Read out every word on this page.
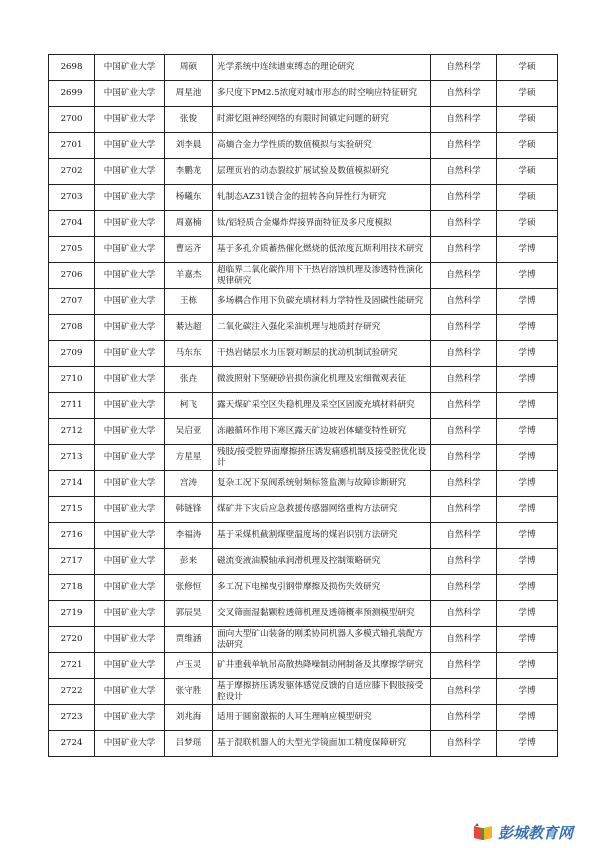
2698	中国矿业大学	周硕	光学系统中连续谱束缚态的理论研究	自然科学	学硕
2699	中国矿业大学	周星池	多尺度下PM2.5浓度对城市形态的时空响应特征研究	自然科学	学硕
2700	中国矿业大学	张俊	时滞忆阻神经网络的有限时间镇定问题的研究	自然科学	学硕
2701	中国矿业大学	刘李晨	高熵合金力学性质的数值模拟与实验研究	自然科学	学硕
2702	中国矿业大学	李鹏龙	层理页岩的动态裂纹扩展试验及数值模拟研究	自然科学	学硕
2703	中国矿业大学	杨曦东	轧制态AZ31镁合金的扭转各向异性行为研究	自然科学	学硕
2704	中国矿业大学	周嘉楠	钛/铝轻质合金爆炸焊接界面特征及多尺度模拟	自然科学	学硕
2705	中国矿业大学	曹运齐	基于多孔介质蓄热催化燃烧的低浓度瓦斯利用技术研究	自然科学	学博
2706	中国矿业大学	羊嘉杰	超临界二氧化碳作用下干热岩溶蚀机理及渗透特性演化规律研究	自然科学	学博
2707	中国矿业大学	王栋	多场耦合作用下负碳充填材料力学特性及固碳性能研究	自然科学	学博
2708	中国矿业大学	綦达超	二氧化碳注入强化采油机理与地质封存研究	自然科学	学博
2709	中国矿业大学	马东东	干热岩储层水力压裂对断层的扰动机制试验研究	自然科学	学博
2710	中国矿业大学	张垚	微波照射下坚硬砂岩损伤演化机理及宏细微观表征	自然科学	学博
2711	中国矿业大学	柯飞	露天煤矿采空区失稳机理及采空区固废充填材料研究	自然科学	学博
2712	中国矿业大学	吴启亚	冻融循环作用下寒区露天矿边坡岩体蠕变特性研究	自然科学	学博
2713	中国矿业大学	方星星	残肢/接受腔界面摩擦挤压诱发痛感机制及接受腔优化设计	自然科学	学博
2714	中国矿业大学	宫涛	复杂工况下泵阀系统射频标签监测与故障诊断研究	自然科学	学博
2715	中国矿业大学	韩链锋	煤矿井下灾后应急救援传感器网络重构方法研究	自然科学	学博
2716	中国矿业大学	李福涛	基于采煤机截割煤壁温度场的煤岩识别方法研究	自然科学	学博
2717	中国矿业大学	彭来	磁流变液油膜轴承润滑机理及控制策略研究	自然科学	学博
2718	中国矿业大学	张修恒	多工况下电梯曳引钢带摩擦及损伤失效研究	自然科学	学博
2719	中国矿业大学	郭辰昊	交叉筛面湿黏颗粒透筛机理及透筛概率预测模型研究	自然科学	学博
2720	中国矿业大学	贾维涵	面向大型矿山装备的刚柔协同机器人多模式轴孔装配方法研究	自然科学	学博
2721	中国矿业大学	卢玉灵	矿井重载单轨吊高散热降噪制动闸制备及其摩擦学研究	自然科学	学博
2722	中国矿业大学	张守胜	基于摩擦挤压诱发躯体感觉反馈的自适应膝下假肢接受腔设计	自然科学	学博
2723	中国矿业大学	刘兆海	适用于圆窗激振的人耳生理响应模型研究	自然科学	学博
2724	中国矿业大学	吕梦瑶	基于混联机器人的大型光学镜面加工精度保障研究	自然科学	学博
彭城教育网
